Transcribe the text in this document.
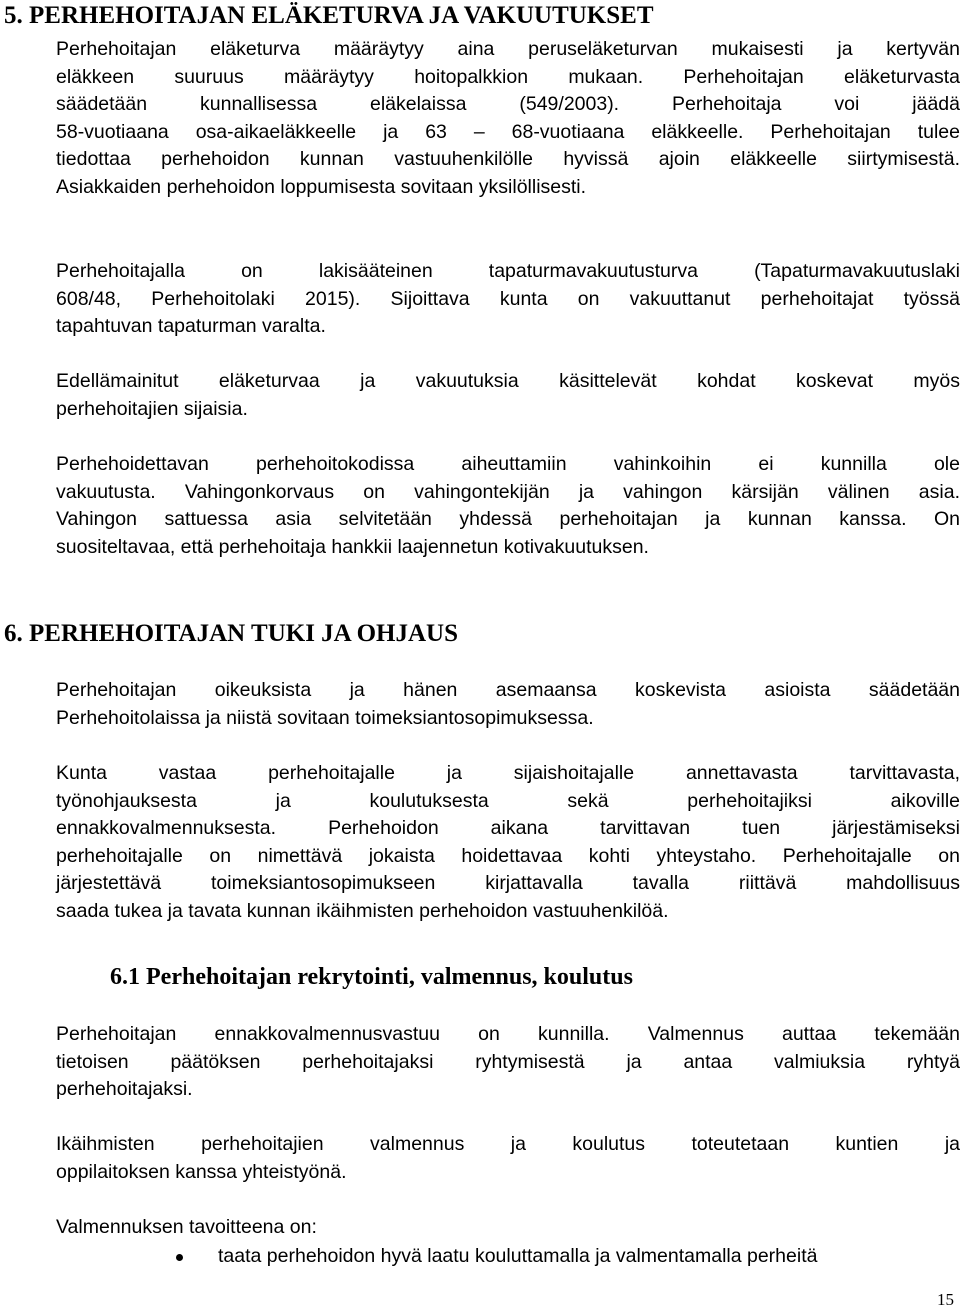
5. PERHEHOITAJAN ELÄKETURVA JA VAKUUTUKSET

Perhehoitajan eläketurva määräytyy aina peruseläketurvan mukaisesti ja kertyvän
eläkkeen suuruus määräytyy hoitopalkkion mukaan. Perhehoitajan eläketurvasta
säädetään kunnallisessa eläkelaissa (549/2003). Perhehoitaja voi jäädä
58-vuotiaana osa-aikaeläkkeelle ja 63 – 68-vuotiaana eläkkeelle. Perhehoitajan tulee
tiedottaa perhehoidon kunnan vastuuhenkilölle hyvissä ajoin eläkkeelle siirtymisestä.
Asiakkaiden perhehoidon loppumisesta sovitaan yksilöllisesti.

Perhehoitajalla on lakisääteinen tapaturmavakuutusturva (Tapaturmavakuutuslaki
608/48, Perhehoitolaki 2015). Sijoittava kunta on vakuuttanut perhehoitajat työssä
tapahtuvan tapaturman varalta.

Edellämainitut eläketurvaa ja vakuutuksia käsittelevät kohdat koskevat myös
perhehoitajien sijaisia.

Perhehoidettavan perhehoitokodissa aiheuttamiin vahinkoihin ei kunnilla ole
vakuutusta. Vahingonkorvaus on vahingontekijän ja vahingon kärsijän välinen asia.
Vahingon sattuessa asia selvitetään yhdessä perhehoitajan ja kunnan kanssa. On
suositeltavaa, että perhehoitaja hankkii laajennetun kotivakuutuksen.

6. PERHEHOITAJAN TUKI JA OHJAUS

Perhehoitajan oikeuksista ja hänen asemaansa koskevista asioista säädetään
Perhehoitolaissa ja niistä sovitaan toimeksiantosopimuksessa.

Kunta vastaa perhehoitajalle ja sijaishoitajalle annettavasta tarvittavasta,
työnohjauksesta ja koulutuksesta sekä perhehoitajiksi aikoville
ennakkovalmennuksesta. Perhehoidon aikana tarvittavan tuen järjestämiseksi
perhehoitajalle on nimettävä jokaista hoidettavaa kohti yhteystaho. Perhehoitajalle on
järjestettävä toimeksiantosopimukseen kirjattavalla tavalla riittävä mahdollisuus
saada tukea ja tavata kunnan ikäihmisten perhehoidon vastuuhenkilöä.

6.1 Perhehoitajan rekrytointi, valmennus, koulutus

Perhehoitajan ennakkovalmennusvastuu on kunnilla. Valmennus auttaa tekemään
tietoisen päätöksen perhehoitajaksi ryhtymisestä ja antaa valmiuksia ryhtyä
perhehoitajaksi.

Ikäihmisten perhehoitajien valmennus ja koulutus toteutetaan kuntien ja
oppilaitoksen kanssa yhteistyönä.

Valmennuksen tavoitteena on:

taata perhehoidon hyvä laatu kouluttamalla ja valmentamalla perheitä
15
